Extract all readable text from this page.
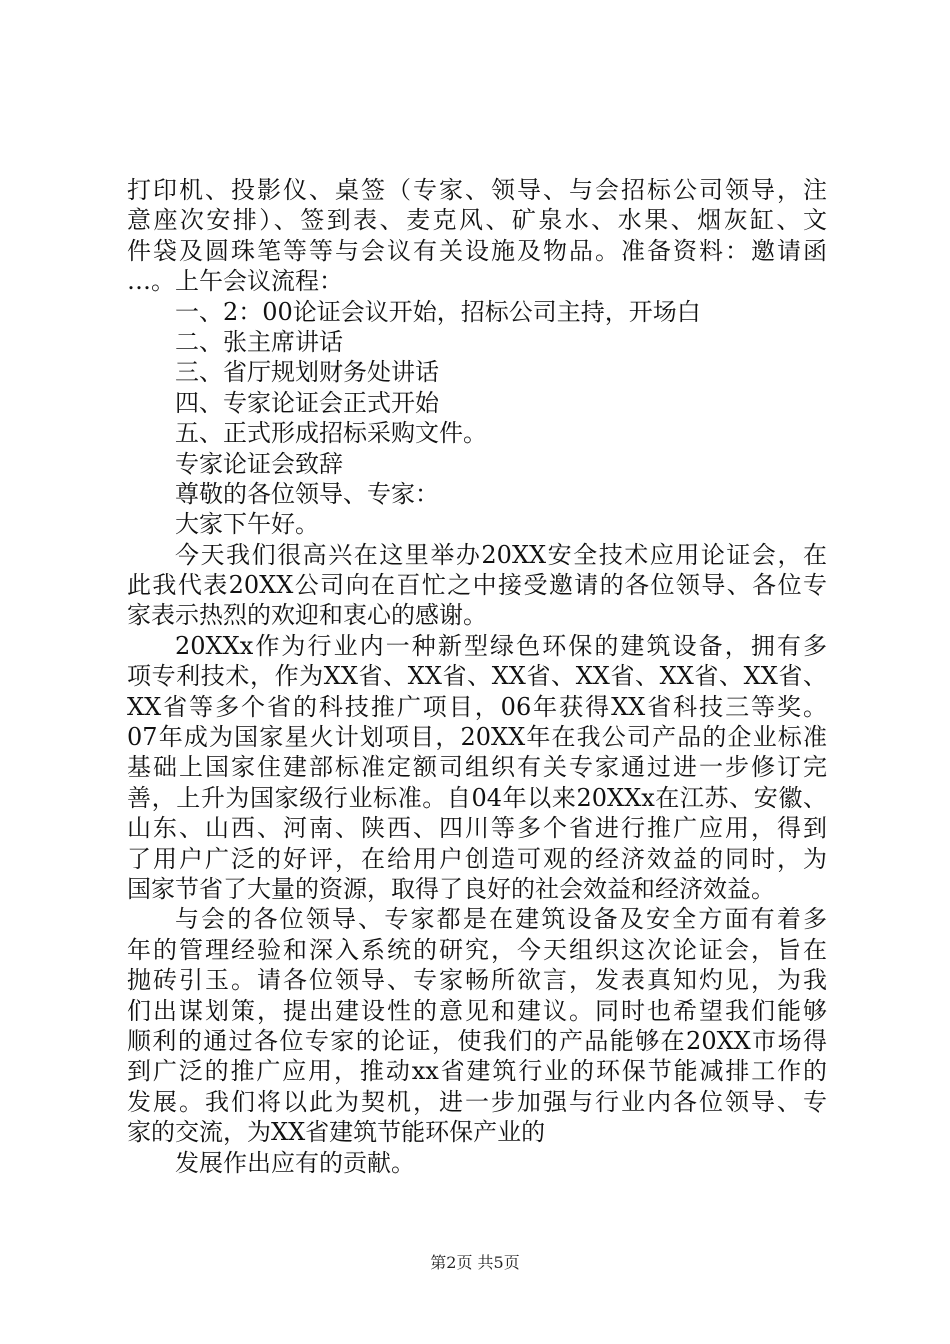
打印机、投影仪、桌签（专家、领导、与会招标公司领导，注
意座次安排）、签到表、麦克风、矿泉水、水果、烟灰缸、文
件袋及圆珠笔等等与会议有关设施及物品。准备资料：邀请函
…。上午会议流程：
一、2：00论证会议开始，招标公司主持，开场白
二、张主席讲话
三、省厅规划财务处讲话
四、专家论证会正式开始
五、正式形成招标采购文件。
专家论证会致辞
尊敬的各位领导、专家：
大家下午好。
今天我们很高兴在这里举办20XX安全技术应用论证会，在
此我代表20XX公司向在百忙之中接受邀请的各位领导、各位专
家表示热烈的欢迎和衷心的感谢。
20XXx作为行业内一种新型绿色环保的建筑设备，拥有多
项专利技术，作为XX省、XX省、XX省、XX省、XX省、XX省、
XX省等多个省的科技推广项目，06年获得XX省科技三等奖。
07年成为国家星火计划项目，20XX年在我公司产品的企业标准
基础上国家住建部标准定额司组织有关专家通过进一步修订完
善，上升为国家级行业标准。自04年以来20XXx在江苏、安徽、
山东、山西、河南、陕西、四川等多个省进行推广应用，得到
了用户广泛的好评，在给用户创造可观的经济效益的同时，为
国家节省了大量的资源，取得了良好的社会效益和经济效益。
与会的各位领导、专家都是在建筑设备及安全方面有着多
年的管理经验和深入系统的研究，今天组织这次论证会，旨在
抛砖引玉。请各位领导、专家畅所欲言，发表真知灼见，为我
们出谋划策，提出建设性的意见和建议。同时也希望我们能够
顺利的通过各位专家的论证，使我们的产品能够在20XX市场得
到广泛的推广应用，推动xx省建筑行业的环保节能减排工作的
发展。我们将以此为契机，进一步加强与行业内各位领导、专
家的交流，为XX省建筑节能环保产业的
发展作出应有的贡献。
第2页 共5页
